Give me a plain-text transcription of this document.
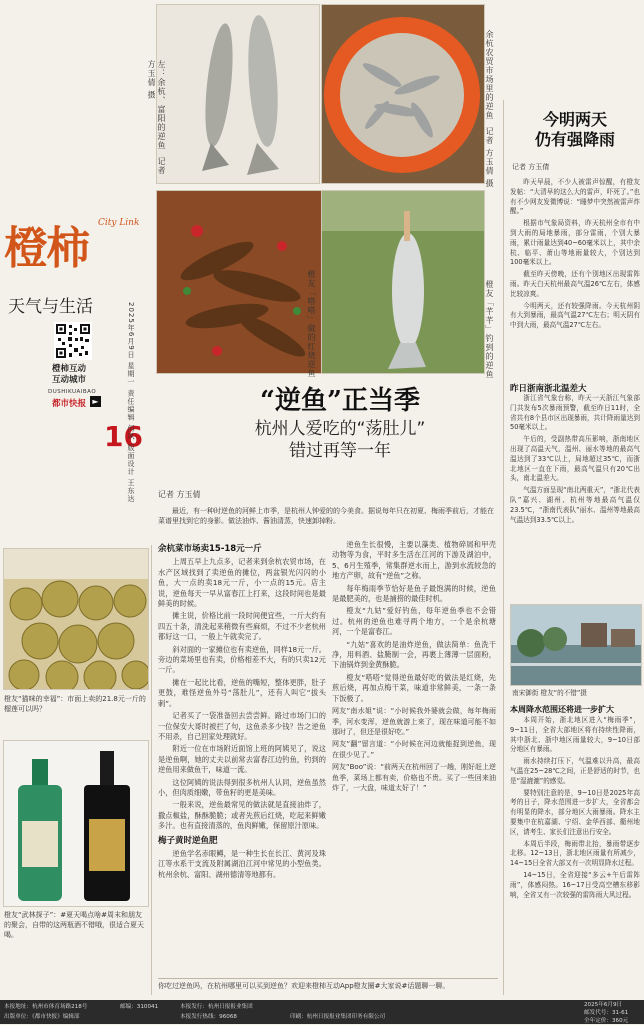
橙柿 City Link
天气与生活
橙柿互动
互动城市
DUSHIKUAIBAO
都市快报 ►
16
2025年6月9日 星期一 责任编辑 何风 版面设计 王东达
左：余杭、富阳的逆鱼  记者 方玉倩 摄	余杭农贸市场里的逆鱼  记者 方玉倩 摄
橙友「嗒嗒」做的红烧逆鱼	橙友「芊芊」钓到的逆鱼
“逆鱼”正当季
杭州人爱吃的“荡肚儿”
错过再等一年
记者 方玉倩
最近，有一种时逆鱼的河鲜上市季，是杭州人钟爱的的今美食。据说每年只在初夏、梅雨季前后，才能在菜谱里找到它的身影。做法油炸、酱油清蒸，快速卸掉粉。
余杭菜市场卖15-18元一斤

上周五早上九点多，记者来到余杭农贸市场，在水产区域找到了卖逆鱼的摊位，两盆银光闪闪的小鱼，大一点的卖18元一斤，小一点的15元。店主说，逆鱼每天一早从富春江上打来，这段时间也是最鲜美的时候。

摊主说，价格比前一段时间便宜些，一斤大约有四五十条，清洗起来稍微有些麻烦，不过不少老杭州都好这一口，一般上午就卖完了。

斜对面的一家摊位也有卖逆鱼，同样18元一斤。旁边的菜场里也有卖，价格相差不大，有的只卖12元一斤。

摊在一起比比看，逆鱼的嘴短，整体更胖，肚子更鼓，难怪逆鱼外号“荡肚儿”，还有人叫它“拔头刺”。

记者买了一袋准备回去尝尝鲜。路过市场门口的一位保安大哥时被拦了句，这鱼杀多少钱？告之逆鱼不用杀，自己回家处理就好。

附近一位在市场附近面馆上班的阿姨见了，说这是逆鱼啊，她的丈夫以前常去富春江边钓鱼，钓到的逆鱼用来做鱼干，味道一流。

这位阿姨的说法得到很多杭州人认同，逆鱼虽然小，但肉质细嫩，带鱼籽的更是美味。

一般来说，逆鱼最常见的做法就是直接油炸了，撒点椒盐，酥酥脆脆；或者先煎后红烧，吃起来鲜嫩多汁。也有直接清蒸的，鱼肉鲜嫩，保留原汁原味。

梅子黄时逆鱼肥

逆鱼学名赤眼鳟，是一种生长在长江、黄河及珠江等水系干支流及附属湖泊江河中常见的小型鱼类。杭州余杭、富阳、湖州德清等地都有。

逆鱼生长很慢，主要以藻类、植物碎屑和甲壳动物等为食，平时多生活在江河的下游及湖泊中，5、6月生殖季，常集群逆水而上，游到水流较急的地方产卵，故有“逆鱼”之称。

每年梅雨季节恰好是鱼子最饱满的时候，逆鱼是最肥美的，也是捕捞的最佳时机。

橙友“九姑”爱好钓鱼，每年逆鱼季也不会错过。杭州的逆鱼也难寻两个地方，一个是余杭塘河，一个是富春江。

“九姑”喜欢的是油炸逆鱼，做法简单：鱼洗干净，用料酒、盐腌制一会，再裹上薄薄一层面粉，下油锅炸到金黄酥脆。

橙友“嗒嗒”觉得逆鱼最好吃的做法是红烧，先煎后烧，再加点梅干菜，味道非常鲜美，一条一条下饭极了。

网友“南水姐”说：“小时候我外婆就会做，每年梅雨季，河水变浑，逆鱼就游上来了，现在味道可能不如那时了，但还是很好吃。”

网友“翻”留言道：“小时候在河边就能捉到逆鱼，现在很少见了。”

网友“Boo”说：“前两天在杭州回了一趟，刚好赶上逆鱼季，菜场上都有卖，价格也不贵。买了一些回来油炸了，一大盘，味道太好了！”

你吃过逆鱼吗，在杭州哪里可以买到逆鱼？欢迎来橙柿互动App橙友圈#大家说#话题聊一聊。
今明两天
仍有强降雨
记者 方玉倩

昨天早晨，不少人被雷声惊醒，有橙友发帖：“大清早的这么大的雷声，吓死了。”也有不少网友发微博说：“睡梦中突然被雷声炸醒。”

根据市气象局资料，昨天杭州全市有中到大雨的局地暴雨，部分雷雨，个别大暴雨，累计雨量达到40~60毫米以上，其中余杭、临平、萧山等地雨量较大，个别达到100毫米以上。

截至昨天傍晚，还有个别地区出现雷阵雨。昨天白天杭州最高气温26℃左右，体感比较凉爽。

今明两天，还有较强降雨。今天杭州阴有大到暴雨，最高气温27℃左右；明天阴有中到大雨，最高气温27℃左右。

昨日浙南浙北温差大

浙江省气象台称，昨天一天浙江气象部门共发布5次暴雨预警，截至昨日11时，全省共有8个县市区出现暴雨，共计降雨量达到50毫米以上。

午后的，受副热带高压影响，浙南地区出现了高温天气，温州、丽水等地的最高气温达到了33℃以上，局地超过35℃，而浙北地区一直在下雨，最高气温只有20℃出头，南北温差大。

气温方面呈现“南北两重天”，“浙北代表队”嘉兴、湖州、杭州等地最高气温仅23.5℃，“浙南代表队”丽水、温州等地最高气温达到33.5℃以上。

南宋御街 橙友“的不错”摄
本周降水范围还将进一步扩大

本周开始，浙北地区进入“梅雨季”，9~11日，全省大部地区将有持续性降雨，其中浙北、浙中地区雨量较大，9~10日部分地区有暴雨。

雨水持续打压下，气温难以升高，最高气温在25~28℃之间，正是舒适的时节，也是“湿漉漉”的感觉。

要特别注意的是，9~10日是2025年高考的日子，降水范围进一步扩大，全省都会有明显的降水，部分地区大雨暴雨。降水主要集中在杭嘉湖、宁绍、金华西部、衢州地区，请考生、家长们注意出行安全。

本周后半段，梅雨带北抬，暴雨带逐步北移。12~13日，浙北地区雨量有所减少，14~15日全省大部又有一次明显降水过程。

14~15日，全省迎接“多云+午后雷阵雨”，体感闷热。16~17日受高空槽东移影响，全省又有一次较强的雷阵雨大风过程。

橙友“猫咪的幸福”：市面上卖的21.8元一斤的榴莲可以吗？
橙友“武林探子”：#夏天喝点啥#周末和朋友的聚会，自带的这两瓶酒不错哦，很适合夏天喝。
本报地址：杭州市体育场路218号	邮编：310041	本报发行：杭州日报报业集团
出版单位：《都市快报》编辑部	本报发行热线：96068	印刷：杭州日报报业集团印务有限公司
2025年6月9日
邮发代号：31-61
全年定价：360元
